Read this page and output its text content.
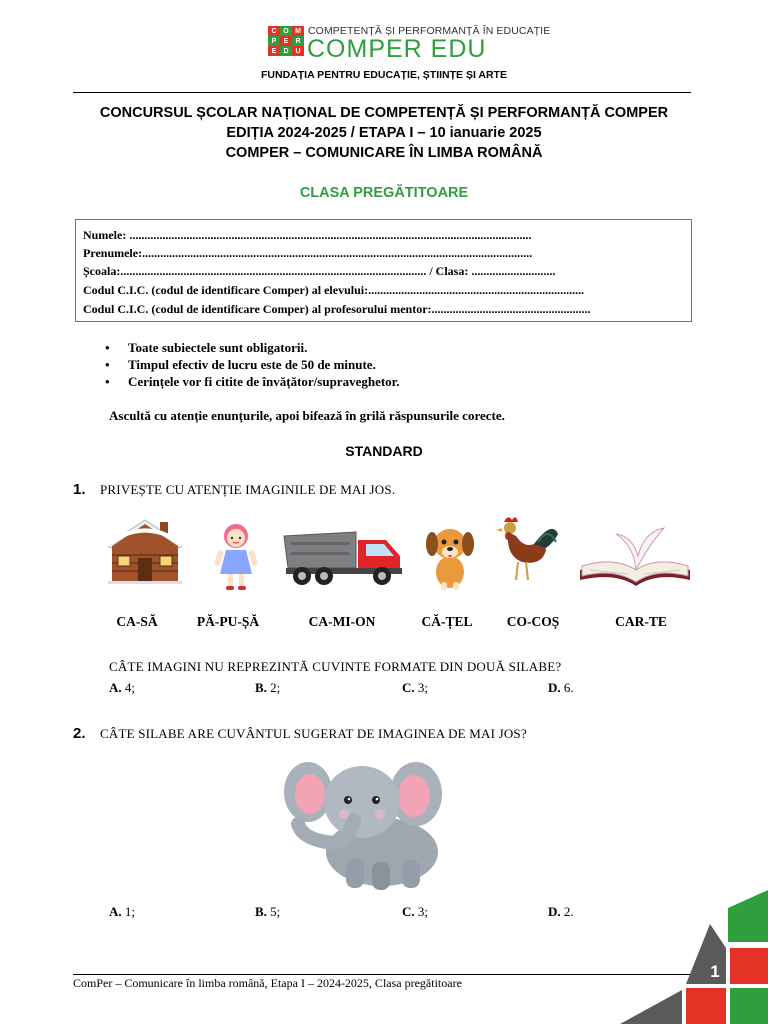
C O M
P	E	R
E	D U
COMPETENȚĂ ȘI PERFORMANȚĂ ÎN EDUCAȚIE
COMPER EDU
FUNDAȚIA PENTRU EDUCAȚIE, ȘTIINȚE ȘI ARTE
CONCURSUL ȘCOLAR NAȚIONAL DE COMPETENȚĂ ȘI PERFORMANȚĂ COMPER
EDIȚIA 2024-2025 / ETAPA I – 10 ianuarie 2025
COMPER – COMUNICARE ÎN LIMBA ROMÂNĂ
CLASA PREGĂTITOARE
Numele: ......................................................................................................................................
Prenumele:..................................................................................................................................
Școala:...................................................................................................... / Clasa: ............................
Codul C.I.C. (codul de identificare Comper) al elevului:........................................................................
Codul C.I.C. (codul de identificare Comper) al profesorului mentor:.....................................................
• Toate subiectele sunt obligatorii.
• Timpul efectiv de lucru este de 50 de minute.
• Cerințele vor fi citite de învățător/supraveghetor.
Ascultă cu atenție enunțurile, apoi bifează în grilă răspunsurile corecte.
STANDARD
1. PRIVEȘTE CU ATENȚIE IMAGINILE DE MAI JOS.
CA-SĂ	PĂ-PU-ȘĂ	CA-MI-ON	CĂ-ȚEL	CO-COȘ	CAR-TE
CÂTE IMAGINI NU REPREZINTĂ CUVINTE FORMATE DIN DOUĂ SILABE?
A. 4;	B. 2;	C. 3;	D. 6.
2. CÂTE SILABE ARE CUVÂNTUL SUGERAT DE IMAGINEA DE MAI JOS?
A. 1;	B. 5;	C. 3;	D. 2.
ComPer – Comunicare în limba română, Etapa I – 2024-2025, Clasa pregătitoare
1
